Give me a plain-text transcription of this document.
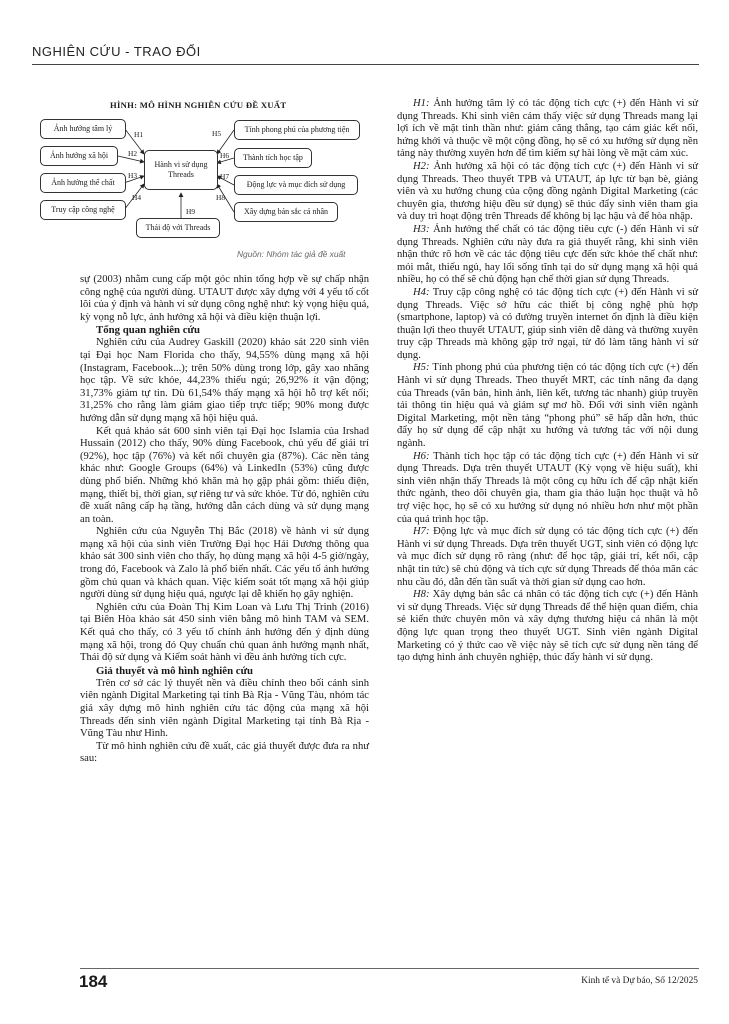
NGHIÊN CỨU - TRAO ĐỔI
HÌNH: MÔ HÌNH NGHIÊN CỨU ĐỀ XUẤT
Ảnh hưởng tâm lý
Ảnh hưởng xã hội
Ảnh hưởng thể chất
Truy cập công nghệ
Hành vi sử dụng Threads
Tính phong phú của phương tiện
Thành tích học tập
Động lực và mục đích sử dụng
Xây dựng bản sắc cá nhân
Thái độ với Threads
H1
H2
H3
H4
H5
H6
H7
H8
H9
Nguồn: Nhóm tác giả đề xuất

sự (2003) nhằm cung cấp một góc nhìn tổng hợp về sự chấp nhận công nghệ của người dùng. UTAUT được xây dựng với 4 yếu tố cốt lõi của ý định và hành vi sử dụng công nghệ như: kỳ vọng hiệu quả, kỳ vọng nỗ lực, ảnh hưởng xã hội và điều kiện thuận lợi.

Tổng quan nghiên cứu

Nghiên cứu của Audrey Gaskill (2020) khảo sát 220 sinh viên tại Đại học Nam Florida cho thấy, 94,55% dùng mạng xã hội (Instagram, Facebook...); trên 50% dùng trong lớp, gây xao nhãng học tập. Về sức khỏe, 44,23% thiếu ngủ; 26,92% ít vận động; 31,73% giảm tự tin. Dù 61,54% thấy mạng xã hội hỗ trợ kết nối; 31,25% cho rằng làm giảm giao tiếp trực tiếp; 90% mong được hướng dẫn sử dụng mạng xã hội hiệu quả.

Kết quả khảo sát 600 sinh viên tại Đại học Islamia của Irshad Hussain (2012) cho thấy, 90% dùng Facebook, chủ yếu để giải trí (92%), học tập (76%) và kết nối chuyên gia (87%). Các nền tảng khác như: Google Groups (64%) và LinkedIn (53%) cũng được dùng phổ biến. Những khó khăn mà họ gặp phải gồm: thiếu điện, mạng, thiết bị, thời gian, sự riêng tư và sức khỏe. Từ đó, nghiên cứu đề xuất nâng cấp hạ tầng, hướng dẫn cách dùng và sử dụng mạng an toàn.

Nghiên cứu của Nguyễn Thị Bắc (2018) về hành vi sử dụng mạng xã hội của sinh viên Trường Đại học Hải Dương thông qua khảo sát 300 sinh viên cho thấy, họ dùng mạng xã hội 4-5 giờ/ngày, trong đó, Facebook và Zalo là phổ biến nhất. Các yếu tố ảnh hưởng gồm chủ quan và khách quan. Việc kiểm soát tốt mạng xã hội giúp người dùng sử dụng hiệu quả, ngược lại dễ khiến họ gây nghiện.

Nghiên cứu của Đoàn Thị Kim Loan và Lưu Thị Trinh (2016) tại Biên Hòa khảo sát 450 sinh viên bằng mô hình TAM và SEM. Kết quả cho thấy, có 3 yếu tố chính ảnh hưởng đến ý định dùng mạng xã hội, trong đó Quy chuẩn chủ quan ảnh hưởng mạnh nhất, Thái độ sử dụng và Kiểm soát hành vi đều ảnh hưởng tích cực.

Giả thuyết và mô hình nghiên cứu

Trên cơ sở các lý thuyết nền và điều chỉnh theo bối cảnh sinh viên ngành Digital Marketing tại tỉnh Bà Rịa - Vũng Tàu, nhóm tác giả xây dựng mô hình nghiên cứu tác động của mạng xã hội Threads đến sinh viên ngành Digital Marketing tại tỉnh Bà Rịa - Vũng Tàu như Hình.

Từ mô hình nghiên cứu đề xuất, các giả thuyết được đưa ra như sau:

H1: Ảnh hưởng tâm lý có tác động tích cực (+) đến Hành vi sử dụng Threads. Khi sinh viên cảm thấy việc sử dụng Threads mang lại lợi ích về mặt tinh thần như: giảm căng thẳng, tạo cảm giác kết nối, hứng khởi và thuộc về một cộng đồng, họ sẽ có xu hướng sử dụng nền tảng này thường xuyên hơn để tìm kiếm sự hài lòng về mặt cảm xúc.

H2: Ảnh hưởng xã hội có tác động tích cực (+) đến Hành vi sử dụng Threads. Theo thuyết TPB và UTAUT, áp lực từ bạn bè, giảng viên và xu hướng chung của cộng đồng ngành Digital Marketing (các chuyên gia, thương hiệu đều sử dụng) sẽ thúc đẩy sinh viên tham gia và duy trì hoạt động trên Threads để không bị lạc hậu và để hòa nhập.

H3: Ảnh hưởng thể chất có tác động tiêu cực (-) đến Hành vi sử dụng Threads. Nghiên cứu này đưa ra giả thuyết rằng, khi sinh viên nhận thức rõ hơn về các tác động tiêu cực đến sức khỏe thể chất như: mỏi mắt, thiếu ngủ, hay lối sống tĩnh tại do sử dụng mạng xã hội quá nhiều, họ có thể sẽ chủ động hạn chế thời gian sử dụng Threads.

H4: Truy cập công nghệ có tác động tích cực (+) đến Hành vi sử dụng Threads. Việc sở hữu các thiết bị công nghệ phù hợp (smartphone, laptop) và có đường truyền internet ổn định là điều kiện thuận lợi theo thuyết UTAUT, giúp sinh viên dễ dàng và thường xuyên truy cập Threads mà không gặp trở ngại, từ đó làm tăng hành vi sử dụng.

H5: Tính phong phú của phương tiện có tác động tích cực (+) đến Hành vi sử dụng Threads. Theo thuyết MRT, các tính năng đa dạng của Threads (văn bản, hình ảnh, liên kết, tương tác nhanh) giúp truyền tải thông tin hiệu quả và giảm sự mơ hồ. Đối với sinh viên ngành Digital Marketing, một nền tảng “phong phú” sẽ hấp dẫn hơn, thúc đẩy họ sử dụng để cập nhật xu hướng và tương tác với nội dung ngành.

H6: Thành tích học tập có tác động tích cực (+) đến Hành vi sử dụng Threads. Dựa trên thuyết UTAUT (Kỳ vọng về hiệu suất), khi sinh viên nhận thấy Threads là một công cụ hữu ích để cập nhật kiến thức ngành, theo dõi chuyên gia, tham gia thảo luận học thuật và hỗ trợ việc học, họ sẽ có xu hướng sử dụng nó nhiều hơn như một phần của quá trình học tập.

H7: Động lực và mục đích sử dụng có tác động tích cực (+) đến Hành vi sử dụng Threads. Dựa trên thuyết UGT, sinh viên có động lực và mục đích sử dụng rõ ràng (như: để học tập, giải trí, kết nối, cập nhật tin tức) sẽ chủ động và tích cực sử dụng Threads để thỏa mãn các nhu cầu đó, dẫn đến tần suất và thời gian sử dụng cao hơn.

H8: Xây dựng bản sắc cá nhân có tác động tích cực (+) đến Hành vi sử dụng Threads. Việc sử dụng Threads để thể hiện quan điểm, chia sẻ kiến thức chuyên môn và xây dựng thương hiệu cá nhân là một động lực quan trọng theo thuyết UGT. Sinh viên ngành Digital Marketing có ý thức cao về việc này sẽ tích cực sử dụng nền tảng để tạo dựng hình ảnh chuyên nghiệp, thúc đẩy hành vi sử dụng.

184	Kinh tế và Dự báo, Số 12/2025
